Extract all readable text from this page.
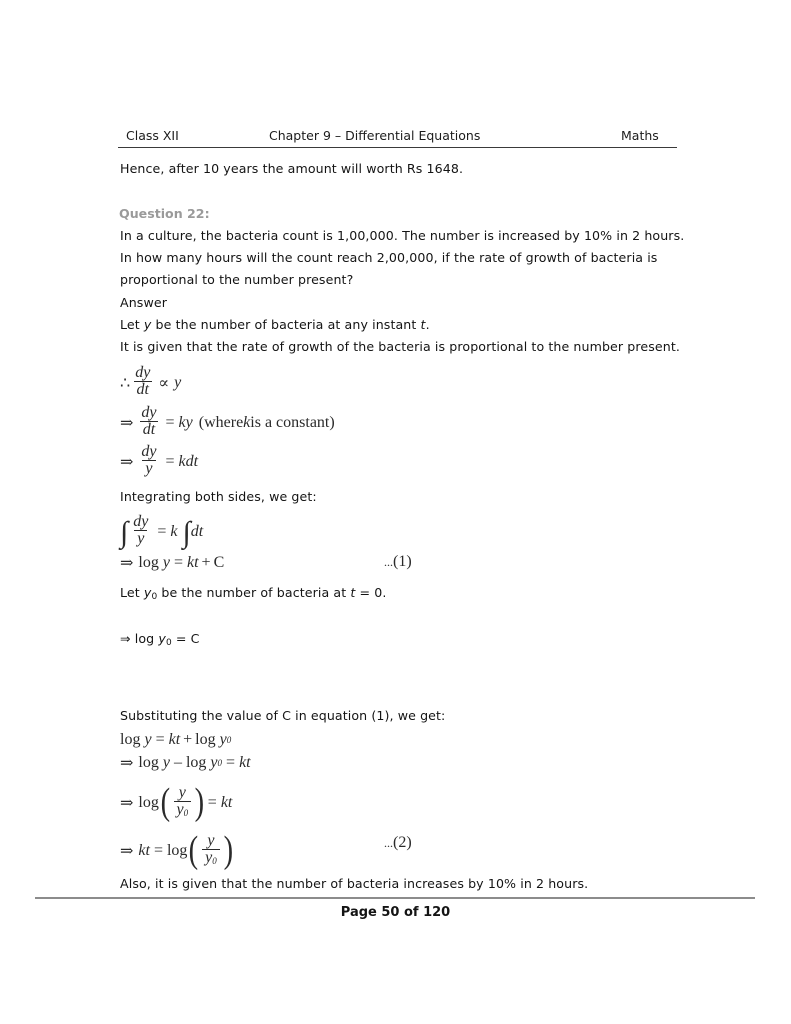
Class XII	Chapter 9 – Differential Equations	Maths
Hence, after 10 years the amount will worth Rs 1648.
Question 22:
In a culture, the bacteria count is 1,00,000. The number is increased by 10% in 2 hours.
In how many hours will the count reach 2,00,000, if the rate of growth of bacteria is
proportional to the number present?
Answer
Let y be the number of bacteria at any instant t.
It is given that the rate of growth of the bacteria is proportional to the number present.
∴ $\frac{dy}{dt} \propto y$
⇒ $\frac{dy}{dt}$ = ky (where k is a constant)
⇒ $\frac{dy}{y}$ = kdt
Integrating both sides, we get:
∫ $\frac{dy}{y} = k$ ∫ dt
⇒ log y = kt + C	...(1)
Let $y_0$ be the number of bacteria at t = 0.
⇒ $\log y_0 = C$
Substituting the value of C in equation (1), we get:
log y = kt + log y 0
⇒ log y – log y 0 = kt
⇒ log ( $\frac{y}{y_0}$ ) = kt
⇒ kt = log ( $\frac{y}{y_0}$ )	...(2)
Also, it is given that the number of bacteria increases by 10% in 2 hours.
Page 50 of 120
